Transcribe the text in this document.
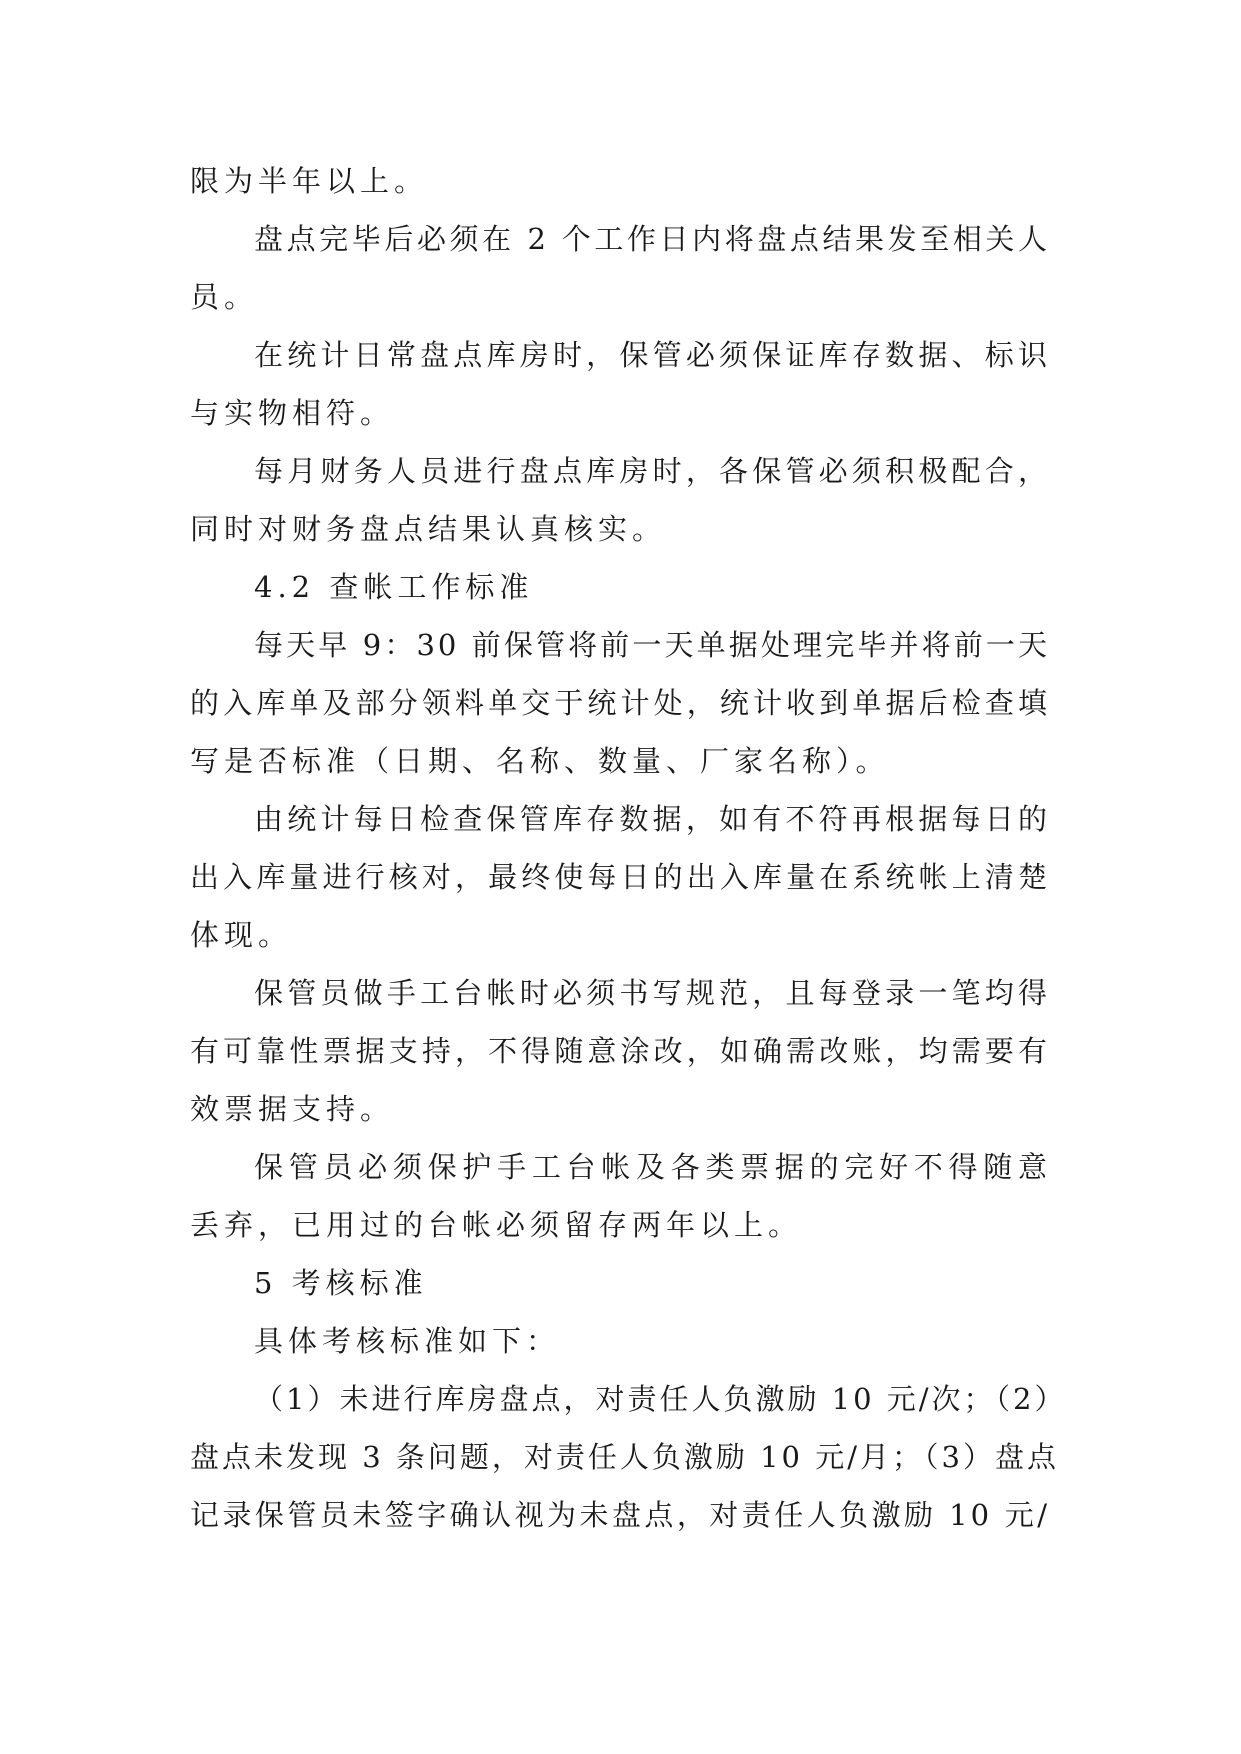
限为半年以上。
盘点完毕后必须在 2 个工作日内将盘点结果发至相关人
员。
在统计日常盘点库房时，保管必须保证库存数据、标识
与实物相符。
每月财务人员进行盘点库房时，各保管必须积极配合，
同时对财务盘点结果认真核实。
4.2 查帐工作标准
每天早 9：30 前保管将前一天单据处理完毕并将前一天
的入库单及部分领料单交于统计处，统计收到单据后检查填
写是否标准（日期、名称、数量、厂家名称）。
由统计每日检查保管库存数据，如有不符再根据每日的
出入库量进行核对，最终使每日的出入库量在系统帐上清楚
体现。
保管员做手工台帐时必须书写规范，且每登录一笔均得
有可靠性票据支持，不得随意涂改，如确需改账，均需要有
效票据支持。
保管员必须保护手工台帐及各类票据的完好不得随意
丢弃，已用过的台帐必须留存两年以上。
5 考核标准
具体考核标准如下：
（1）未进行库房盘点，对责任人负激励 10 元/次；（2）
盘点未发现 3 条问题，对责任人负激励 10 元/月；（3）盘点
记录保管员未签字确认视为未盘点，对责任人负激励 10 元/
